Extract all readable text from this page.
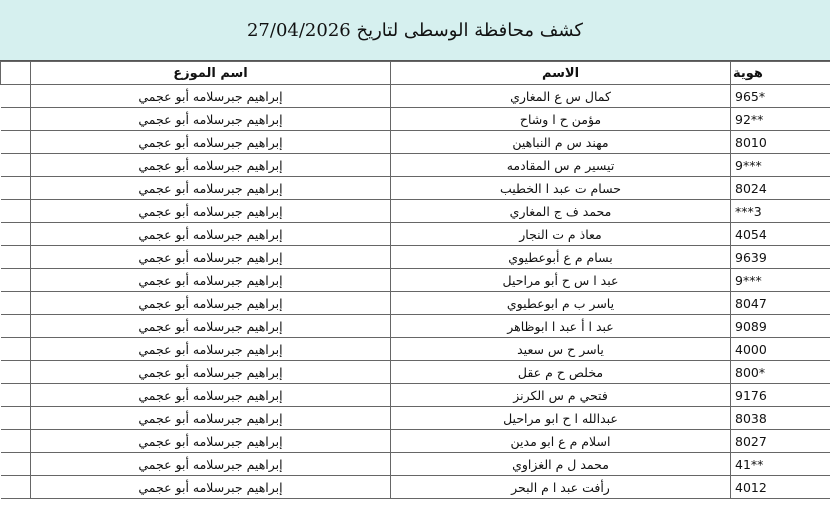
كشف محافظة الوسطى لتاريخ 27/04/2026
	اسم الموزع	الاسم	هوية
	إبراهيم جبرسلامه أبو عجمي	كمال س ع المغاري	965*
	إبراهيم جبرسلامه أبو عجمي	مؤمن ح ا وشاح	92**
	إبراهيم جبرسلامه أبو عجمي	مهند س م النباهين	8010
	إبراهيم جبرسلامه أبو عجمي	تيسير م س المقادمه	9***
	إبراهيم جبرسلامه أبو عجمي	حسام ت عبد ا الخطيب	8024
	إبراهيم جبرسلامه أبو عجمي	محمد ف ج المغاري	***3
	إبراهيم جبرسلامه أبو عجمي	معاذ م ت النجار	4054
	إبراهيم جبرسلامه أبو عجمي	بسام م ع أبوعطيوي	9639
	إبراهيم جبرسلامه أبو عجمي	عبد ا س ح أبو مراحيل	9***
	إبراهيم جبرسلامه أبو عجمي	ياسر ب م ابوعطيوي	8047
	إبراهيم جبرسلامه أبو عجمي	عبد ا أ عبد ا ابوظاهر	9089
	إبراهيم جبرسلامه أبو عجمي	ياسر ح س سعيد	4000
	إبراهيم جبرسلامه أبو عجمي	مخلص ح م عقل	800*
	إبراهيم جبرسلامه أبو عجمي	فتحي م س الكرنز	9176
	إبراهيم جبرسلامه أبو عجمي	عبدالله ا ح ابو مراحيل	8038
	إبراهيم جبرسلامه أبو عجمي	اسلام م ع ابو مدين	8027
	إبراهيم جبرسلامه أبو عجمي	محمد ل م الغزاوي	41**
	إبراهيم جبرسلامه أبو عجمي	رأفت عبد ا م البحر	4012
